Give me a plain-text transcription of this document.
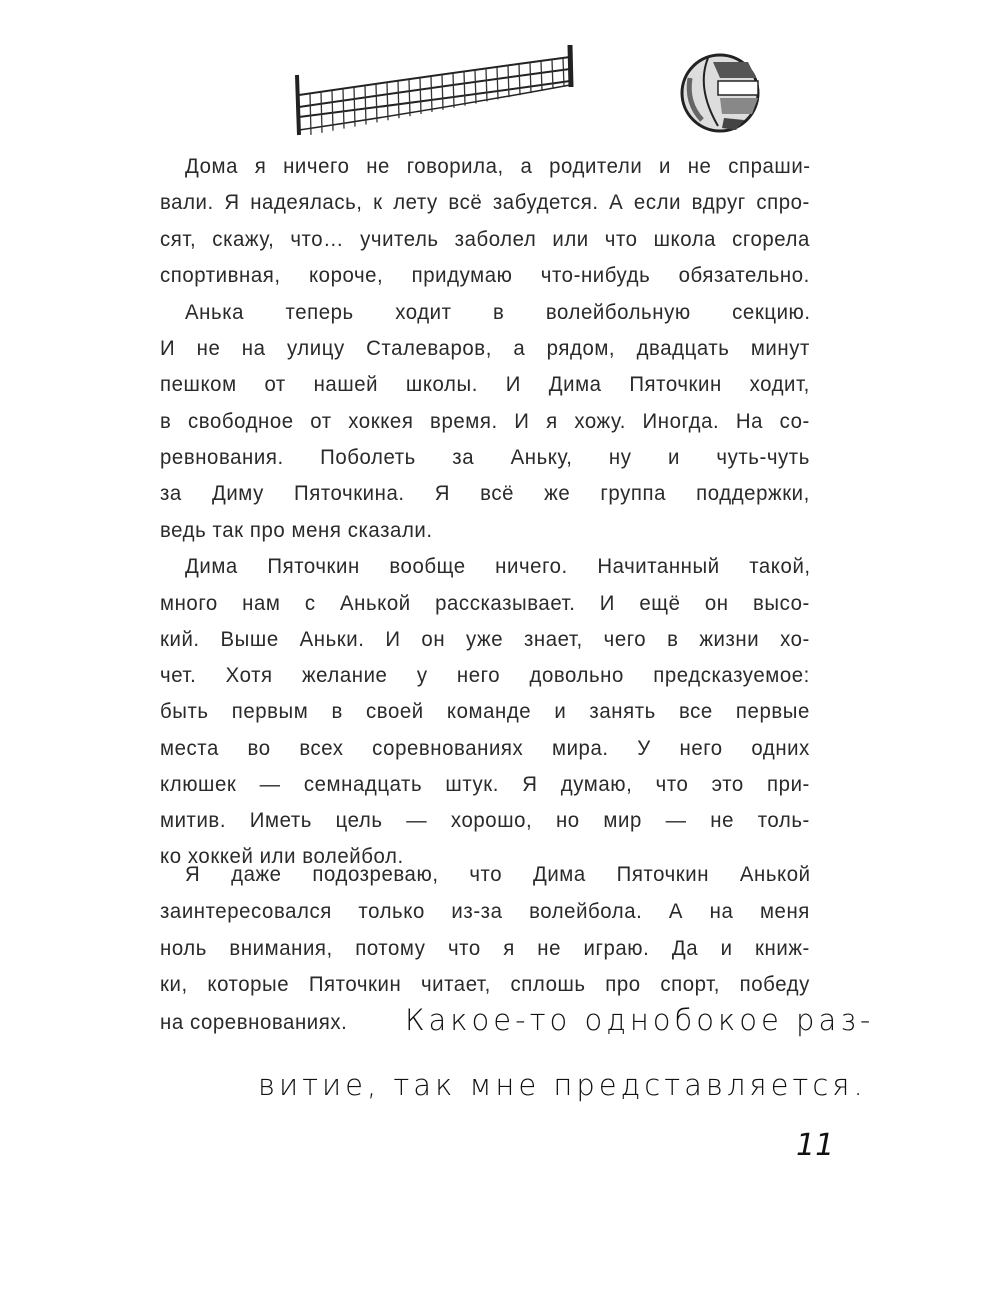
Дома я ничего не говорила, а родители и не спраши-
вали. Я надеялась, к лету всё забудется. А если вдруг спро-
сят, скажу, что… учитель заболел или что школа сгорела
спортивная, короче, придумаю что-нибудь обязательно.
Анька теперь ходит в волейбольную секцию.
И не на улицу Сталеваров, а рядом, двадцать минут
пешком от нашей школы. И Дима Пяточкин ходит,
в свободное от хоккея время. И я хожу. Иногда. На со-
ревнования. Поболеть за Аньку, ну и чуть-чуть
за Диму Пяточкина. Я всё же группа поддержки,
ведь так про меня сказали.
Дима Пяточкин вообще ничего. Начитанный такой,
много нам с Анькой рассказывает. И ещё он высо-
кий. Выше Аньки. И он уже знает, чего в жизни хо-
чет. Хотя желание у него довольно предсказуемое:
быть первым в своей команде и занять все первые
места во всех соревнованиях мира. У него одних
клюшек — семнадцать штук. Я думаю, что это при-
митив. Иметь цель — хорошо, но мир — не толь-
ко хоккей или волейбол.
Я даже подозреваю, что Дима Пяточкин Анькой
заинтересовался только из-за волейбола. А на меня
ноль внимания, потому что я не играю. Да и книж-
ки, которые Пяточкин читает, сплошь про спорт, победу
на соревнованиях. Какое-то однобокое раз-
витие, так мне представляется.
11
